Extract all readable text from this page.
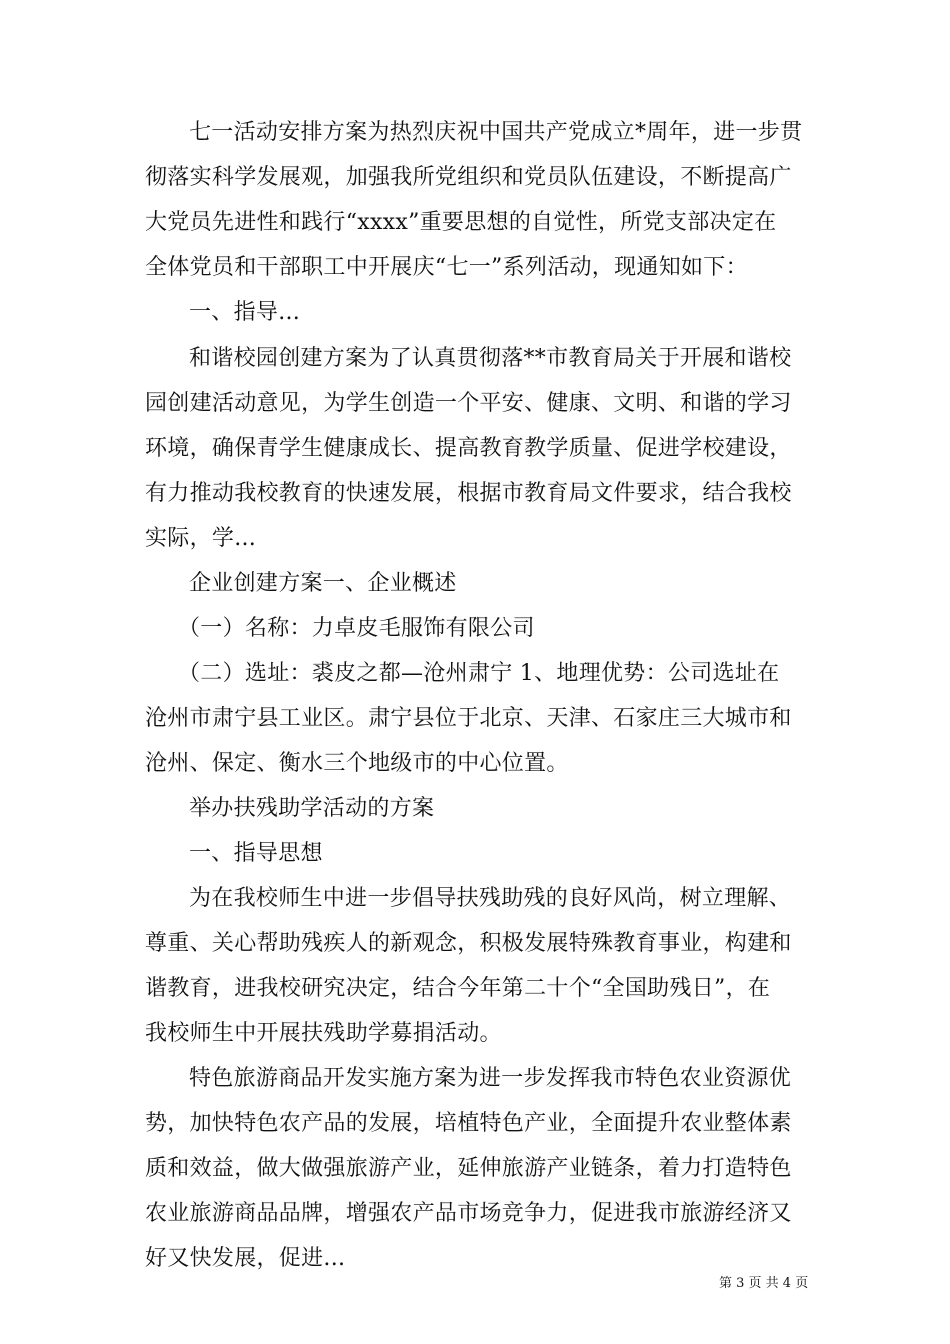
七一活动安排方案为热烈庆祝中国共产党成立*周年，进一步贯
彻落实科学发展观，加强我所党组织和党员队伍建设，不断提高广
大党员先进性和践行“xxxx”重要思想的自觉性，所党支部决定在
全体党员和干部职工中开展庆“七一”系列活动，现通知如下：
一、指导...
和谐校园创建方案为了认真贯彻落**市教育局关于开展和谐校
园创建活动意见，为学生创造一个平安、健康、文明、和谐的学习
环境，确保青学生健康成长、提高教育教学质量、促进学校建设，
有力推动我校教育的快速发展，根据市教育局文件要求，结合我校
实际，学...
企业创建方案一、企业概述
（一）名称：力卓皮毛服饰有限公司
（二）选址：裘皮之都—沧州肃宁 1、地理优势：公司选址在
沧州市肃宁县工业区。肃宁县位于北京、天津、石家庄三大城市和
沧州、保定、衡水三个地级市的中心位置。
举办扶残助学活动的方案
一、指导思想
为在我校师生中进一步倡导扶残助残的良好风尚，树立理解、
尊重、关心帮助残疾人的新观念，积极发展特殊教育事业，构建和
谐教育，进我校研究决定，结合今年第二十个“全国助残日”，在
我校师生中开展扶残助学募捐活动。
特色旅游商品开发实施方案为进一步发挥我市特色农业资源优
势，加快特色农产品的发展，培植特色产业，全面提升农业整体素
质和效益，做大做强旅游产业，延伸旅游产业链条，着力打造特色
农业旅游商品品牌，增强农产品市场竞争力，促进我市旅游经济又
好又快发展，促进...
第 3 页 共 4 页
